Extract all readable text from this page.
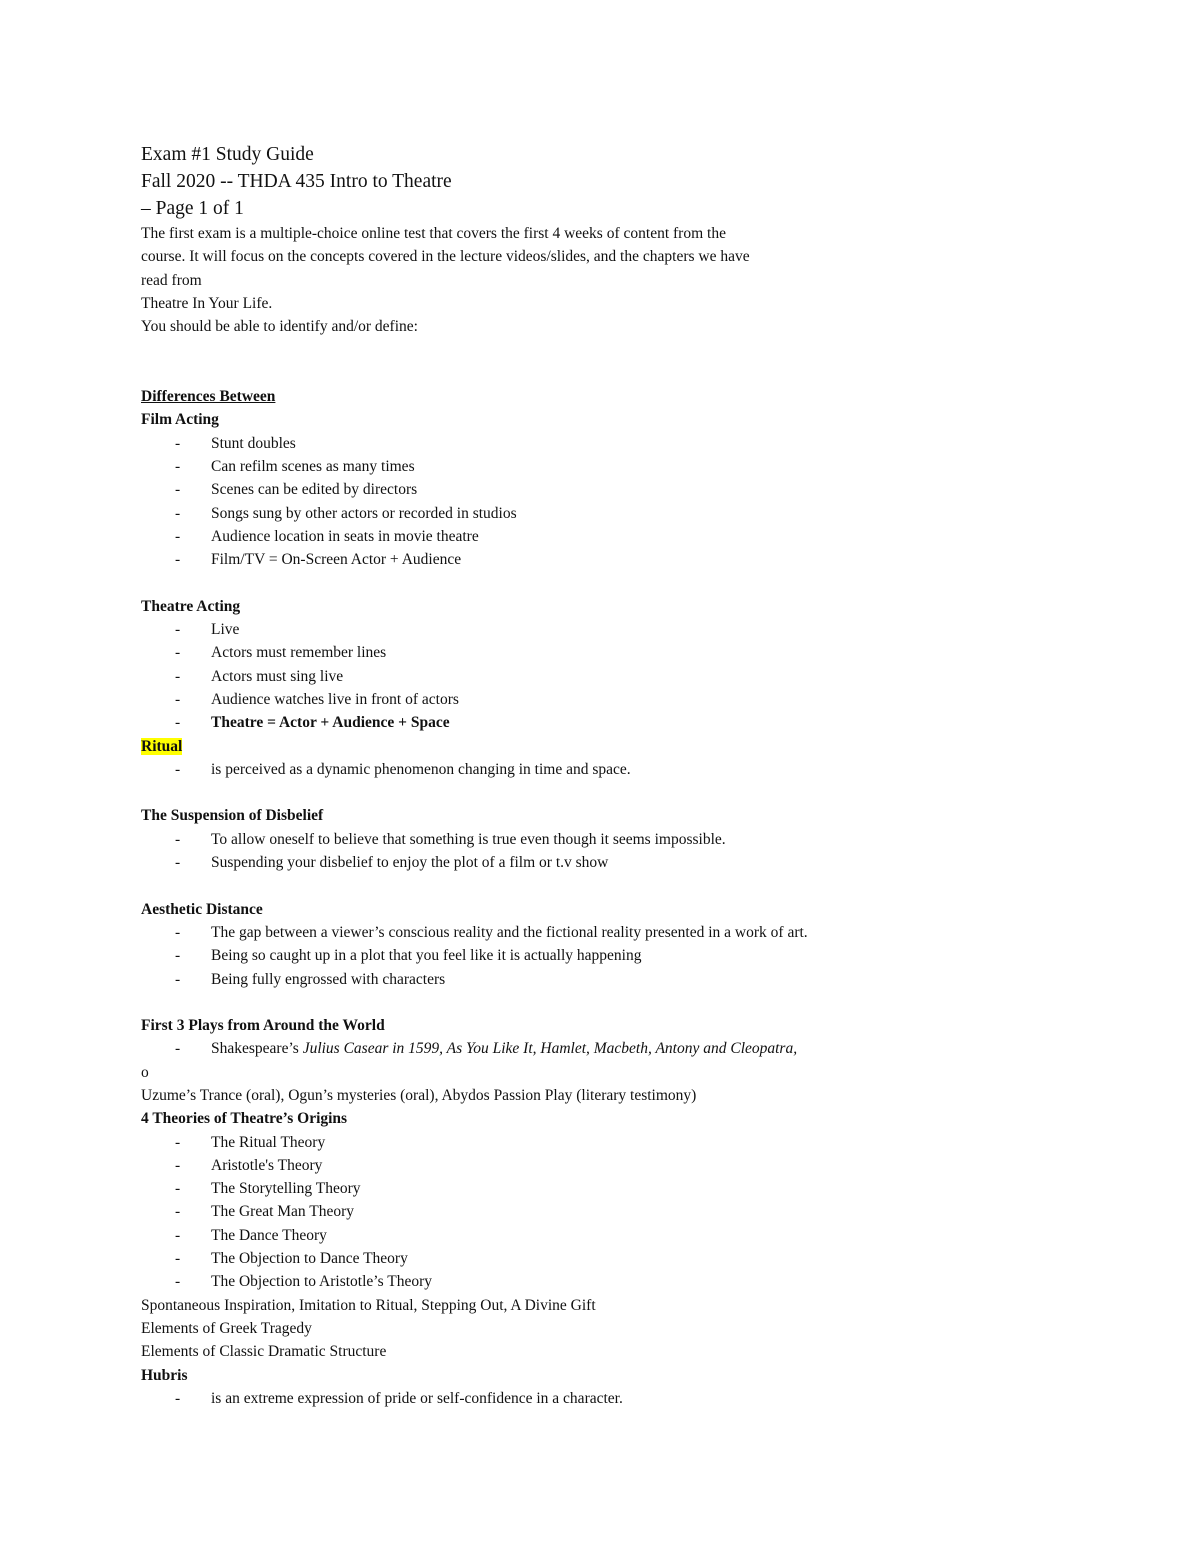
Exam #1 Study Guide
Fall 2020 -- THDA 435 Intro to Theatre
– Page 1 of 1
The first exam is a multiple-choice online test that covers the first 4 weeks of content from the
course. It will focus on the concepts covered in the lecture videos/slides, and the chapters we have
read from
Theatre In Your Life.
You should be able to identify and/or define:
Differences Between
Film Acting
- Stunt doubles
- Can refilm scenes as many times
- Scenes can be edited by directors
- Songs sung by other actors or recorded in studios
- Audience location in seats in movie theatre
- Film/TV = On-Screen Actor + Audience
Theatre Acting
- Live
- Actors must remember lines
- Actors must sing live
- Audience watches live in front of actors
- Theatre = Actor + Audience + Space
Ritual
- is perceived as a dynamic phenomenon changing in time and space.
The Suspension of Disbelief
- To allow oneself to believe that something is true even though it seems impossible.
- Suspending your disbelief to enjoy the plot of a film or t.v show
Aesthetic Distance
- The gap between a viewer’s conscious reality and the fictional reality presented in a work of art.
- Being so caught up in a plot that you feel like it is actually happening
- Being fully engrossed with characters
First 3 Plays from Around the World
- Shakespeare’s Julius Casear in 1599, As You Like It, Hamlet, Macbeth, Antony and Cleopatra,
o
Uzume’s Trance (oral), Ogun’s mysteries (oral), Abydos Passion Play (literary testimony)
4 Theories of Theatre’s Origins
- The Ritual Theory
- Aristotle's Theory
- The Storytelling Theory
- The Great Man Theory
- The Dance Theory
- The Objection to Dance Theory
- The Objection to Aristotle’s Theory
Spontaneous Inspiration, Imitation to Ritual, Stepping Out, A Divine Gift
Elements of Greek Tragedy
Elements of Classic Dramatic Structure
Hubris
- is an extreme expression of pride or self-confidence in a character.
